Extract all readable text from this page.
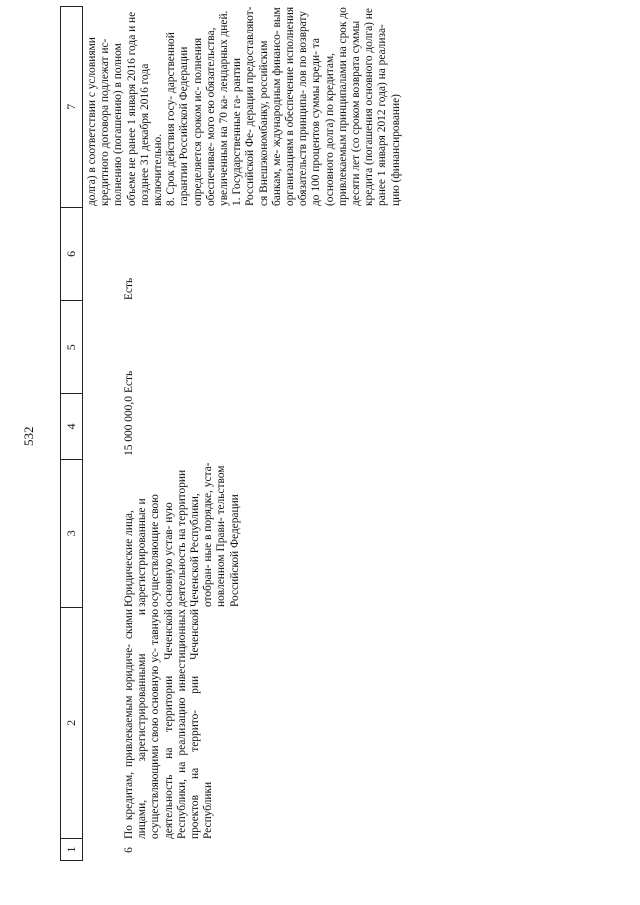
532
1
2
3
4
5
6
7 долга) в соответствии с условиями кредитного договора подлежат ис- полнению (погашению) в полном объеме не ранее 1 января 2016 года и не позднее 31 декабря 2016 года включительно. 8. Срок действия госу- дарственной гарантии Российской Федерации определяется сроком ис- полнения обеспечивае- мого ею обязательства, увеличенным на 70 ка- лендарных дней. 1. Государственные га- рантии Российской Фе- дерации предоставляют- ся Внешэкономбанку, российским банкам, ме- ждународным финансо- вым организациям в обеспечение исполнения обязательств принципа- лов по возврату до 100 процентов суммы креди- та (основного долга) по кредитам, привлекаемым принципалами на срок до десяти лет (со сроком возврата суммы кредита (погашения основного долга) не ранее 1 января 2012 года) на реализа- цию (финансирование)

6

По кредитам, привлекаемым юридиче- скими лицами, зарегистрированными и осуществляющими свою основную ус- тавную деятельность на территории Чеченской Республики, на реализацию инвестиционных проектов на террито- рии Чеченской Республики

Юридические лица, зарегистрированные и осуществляющие свою основную устав- ную деятельность на территории Чеченской Республики, отобран- ные в порядке, уста- новленном Прави- тельством Российской Федерации

15 000 000,0
Есть
Есть
